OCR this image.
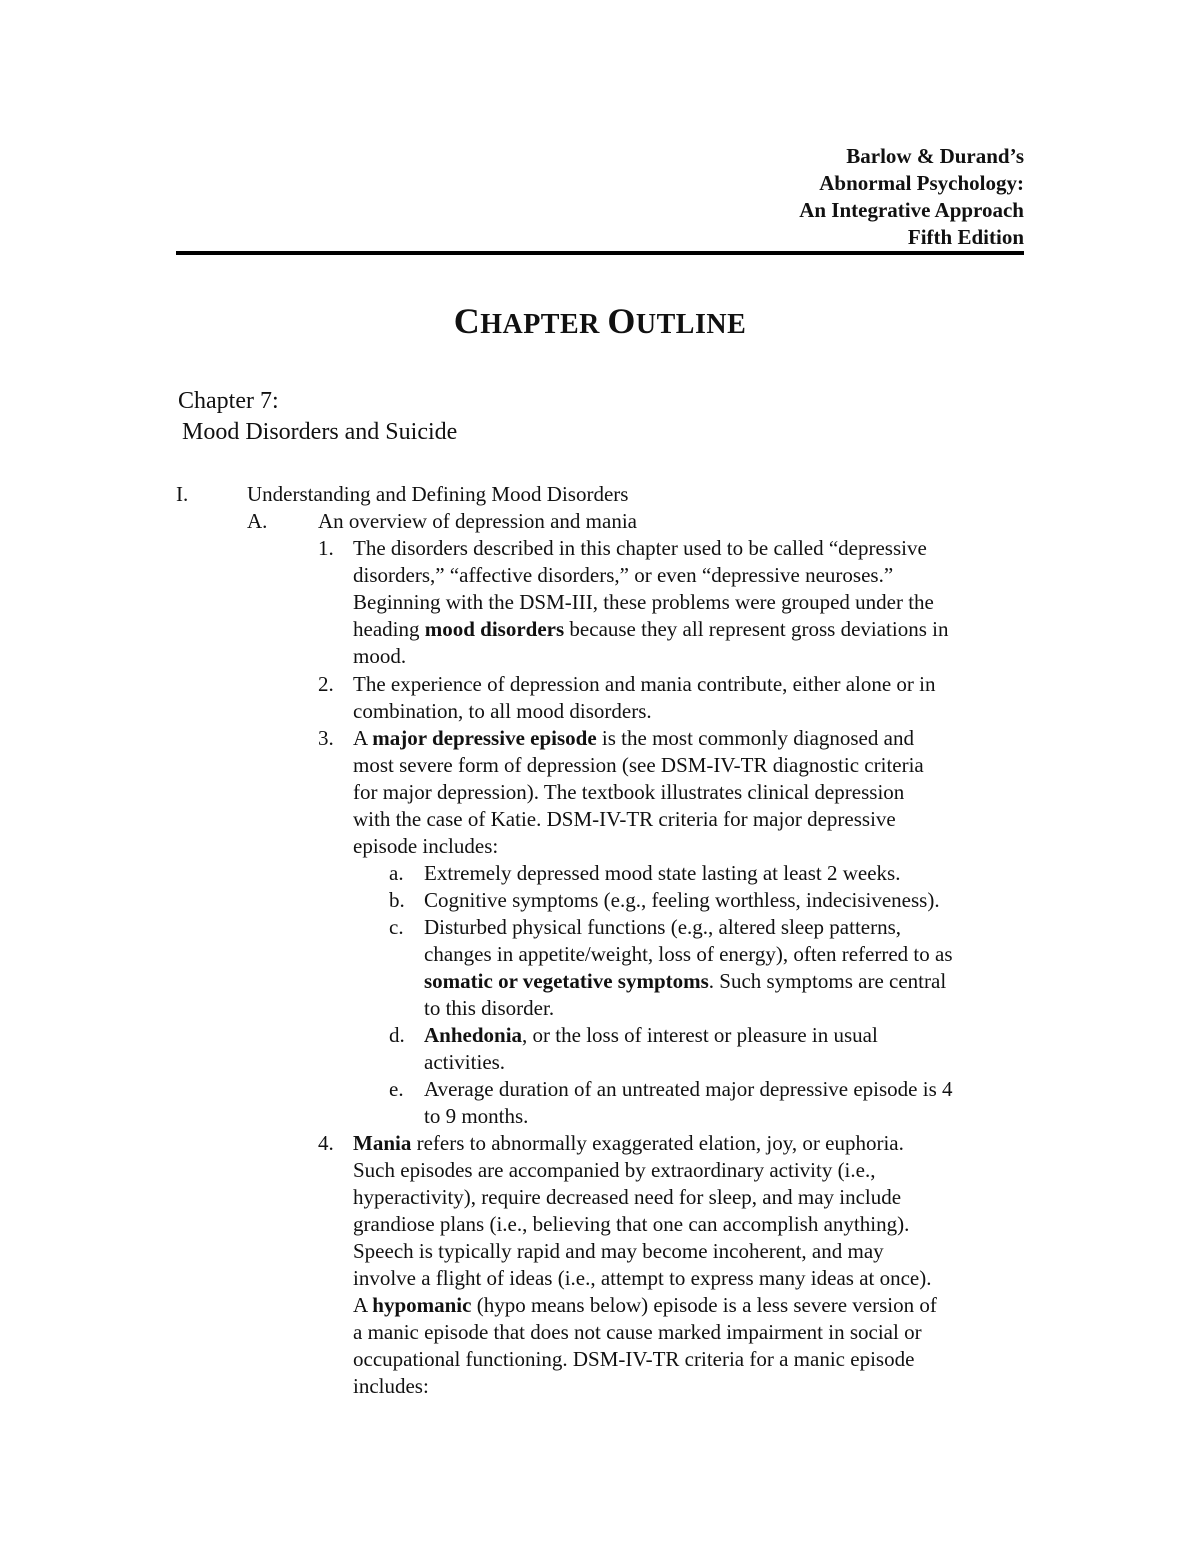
Barlow & Durand’s
Abnormal Psychology:
An Integrative Approach
Fifth Edition
CHAPTER OUTLINE
Chapter 7:
Mood Disorders and Suicide
I.	Understanding and Defining Mood Disorders
A. An overview of depression and mania
1. The disorders described in this chapter used to be called “depressive
disorders,” “affective disorders,” or even “depressive neuroses.”
Beginning with the DSM-III, these problems were grouped under the
heading mood disorders because they all represent gross deviations in
mood.
2. The experience of depression and mania contribute, either alone or in
combination, to all mood disorders.
3. A major depressive episode is the most commonly diagnosed and
most severe form of depression (see DSM-IV-TR diagnostic criteria
for major depression). The textbook illustrates clinical depression
with the case of Katie. DSM-IV-TR criteria for major depressive
episode includes:
a. Extremely depressed mood state lasting at least 2 weeks.
b. Cognitive symptoms (e.g., feeling worthless, indecisiveness).
c. Disturbed physical functions (e.g., altered sleep patterns,
changes in appetite/weight, loss of energy), often referred to as
somatic or vegetative symptoms. Such symptoms are central
to this disorder.
d. Anhedonia, or the loss of interest or pleasure in usual
activities.
e. Average duration of an untreated major depressive episode is 4
to 9 months.
4. Mania refers to abnormally exaggerated elation, joy, or euphoria.
Such episodes are accompanied by extraordinary activity (i.e.,
hyperactivity), require decreased need for sleep, and may include
grandiose plans (i.e., believing that one can accomplish anything).
Speech is typically rapid and may become incoherent, and may
involve a flight of ideas (i.e., attempt to express many ideas at once).
A hypomanic (hypo means below) episode is a less severe version of
a manic episode that does not cause marked impairment in social or
occupational functioning. DSM-IV-TR criteria for a manic episode
includes:
